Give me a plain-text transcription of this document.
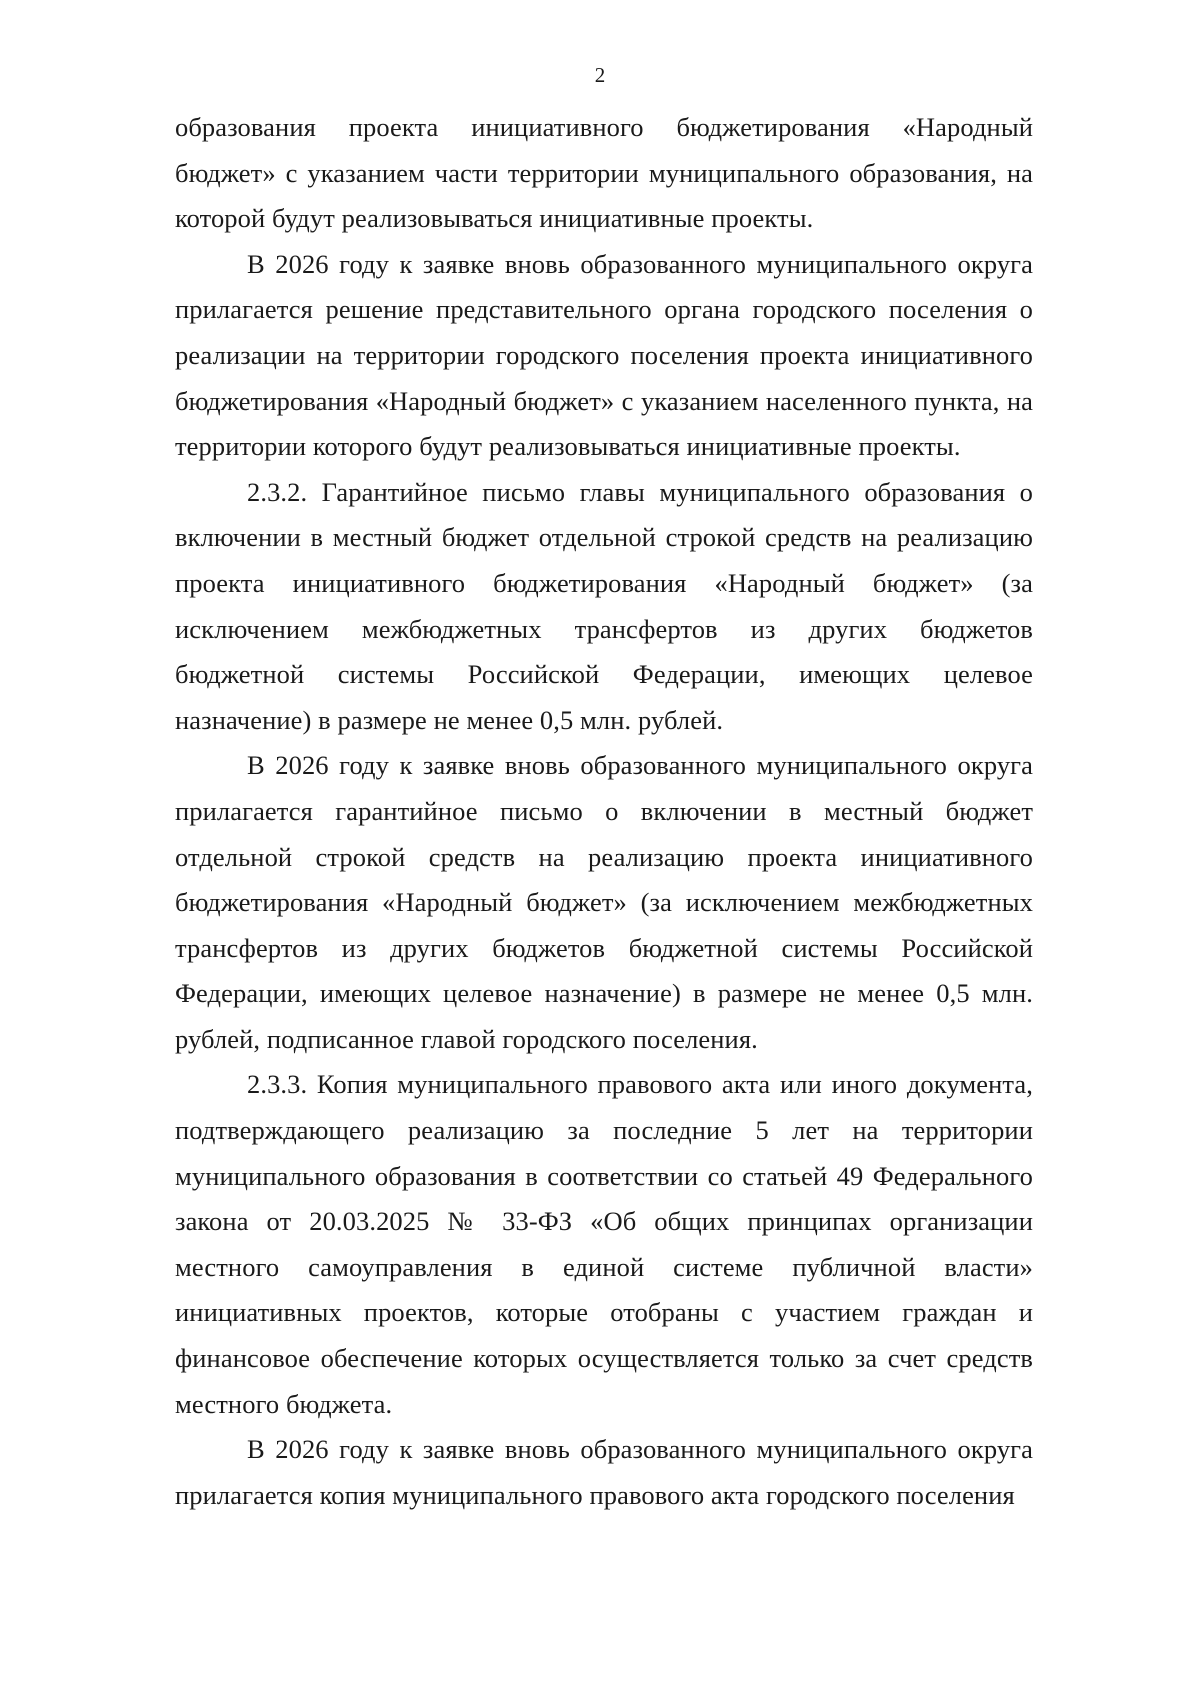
2

образования проекта инициативного бюджетирования «Народный бюджет» с указанием части территории муниципального образования, на которой будут реализовываться инициативные проекты.

В 2026 году к заявке вновь образованного муниципального округа прилагается решение представительного органа городского поселения о реализации на территории городского поселения проекта инициативного бюджетирования «Народный бюджет» с указанием населенного пункта, на территории которого будут реализовываться инициативные проекты.

2.3.2. Гарантийное письмо главы муниципального образования о включении в местный бюджет отдельной строкой средств на реализацию проекта инициативного бюджетирования «Народный бюджет» (за исключением межбюджетных трансфертов из других бюджетов бюджетной системы Российской Федерации, имеющих целевое назначение) в размере не менее 0,5 млн. рублей.

В 2026 году к заявке вновь образованного муниципального округа прилагается гарантийное письмо о включении в местный бюджет отдельной строкой средств на реализацию проекта инициативного бюджетирования «Народный бюджет» (за исключением межбюджетных трансфертов из других бюджетов бюджетной системы Российской Федерации, имеющих целевое назначение) в размере не менее 0,5 млн. рублей, подписанное главой городского поселения.

2.3.3. Копия муниципального правового акта или иного документа, подтверждающего реализацию за последние 5 лет на территории муниципального образования в соответствии со статьей 49 Федерального закона от 20.03.2025 № 33-ФЗ «Об общих принципах организации местного самоуправления в единой системе публичной власти» инициативных проектов, которые отобраны с участием граждан и финансовое обеспечение которых осуществляется только за счет средств местного бюджета.

В 2026 году к заявке вновь образованного муниципального округа прилагается копия муниципального правового акта городского поселения
